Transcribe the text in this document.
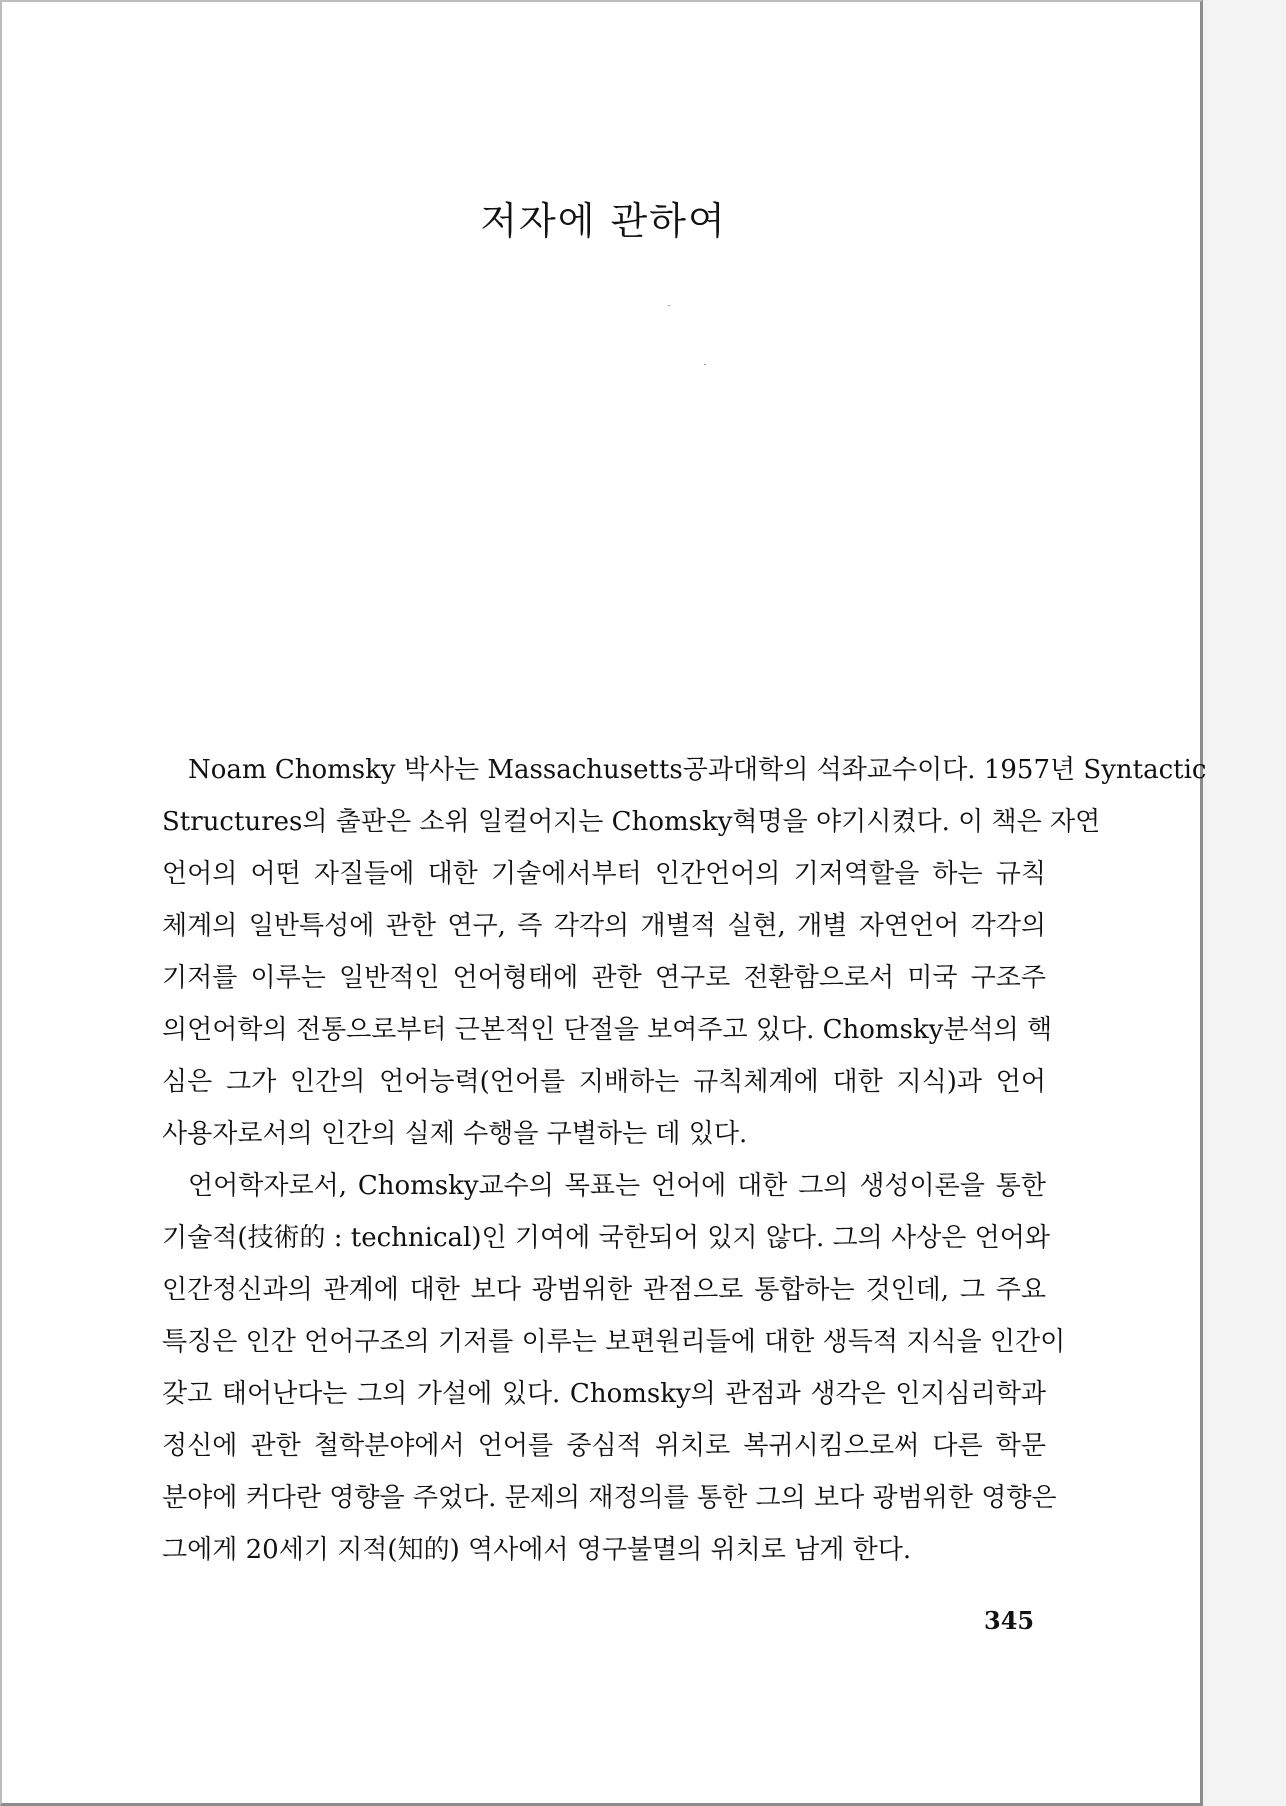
저자에 관하여
Noam Chomsky 박사는 Massachusetts공과대학의 석좌교수이다. 1957년 Syntactic
Structures의 출판은 소위 일컬어지는 Chomsky혁명을 야기시켰다. 이 책은 자연
언어의 어떤 자질들에 대한 기술에서부터 인간언어의 기저역할을 하는 규칙
체계의 일반특성에 관한 연구, 즉 각각의 개별적 실현, 개별 자연언어 각각의
기저를 이루는 일반적인 언어형태에 관한 연구로 전환함으로서 미국 구조주
의언어학의 전통으로부터 근본적인 단절을 보여주고 있다. Chomsky분석의 핵
심은 그가 인간의 언어능력(언어를 지배하는 규칙체계에 대한 지식)과 언어
사용자로서의 인간의 실제 수행을 구별하는 데 있다.
언어학자로서, Chomsky교수의 목표는 언어에 대한 그의 생성이론을 통한
기술적(技術的 : technical)인 기여에 국한되어 있지 않다. 그의 사상은 언어와
인간정신과의 관계에 대한 보다 광범위한 관점으로 통합하는 것인데, 그 주요
특징은 인간 언어구조의 기저를 이루는 보편원리들에 대한 생득적 지식을 인간이
갖고 태어난다는 그의 가설에 있다. Chomsky의 관점과 생각은 인지심리학과
정신에 관한 철학분야에서 언어를 중심적 위치로 복귀시킴으로써 다른 학문
분야에 커다란 영향을 주었다. 문제의 재정의를 통한 그의 보다 광범위한 영향은
그에게 20세기 지적(知的) 역사에서 영구불멸의 위치로 남게 한다.
345
